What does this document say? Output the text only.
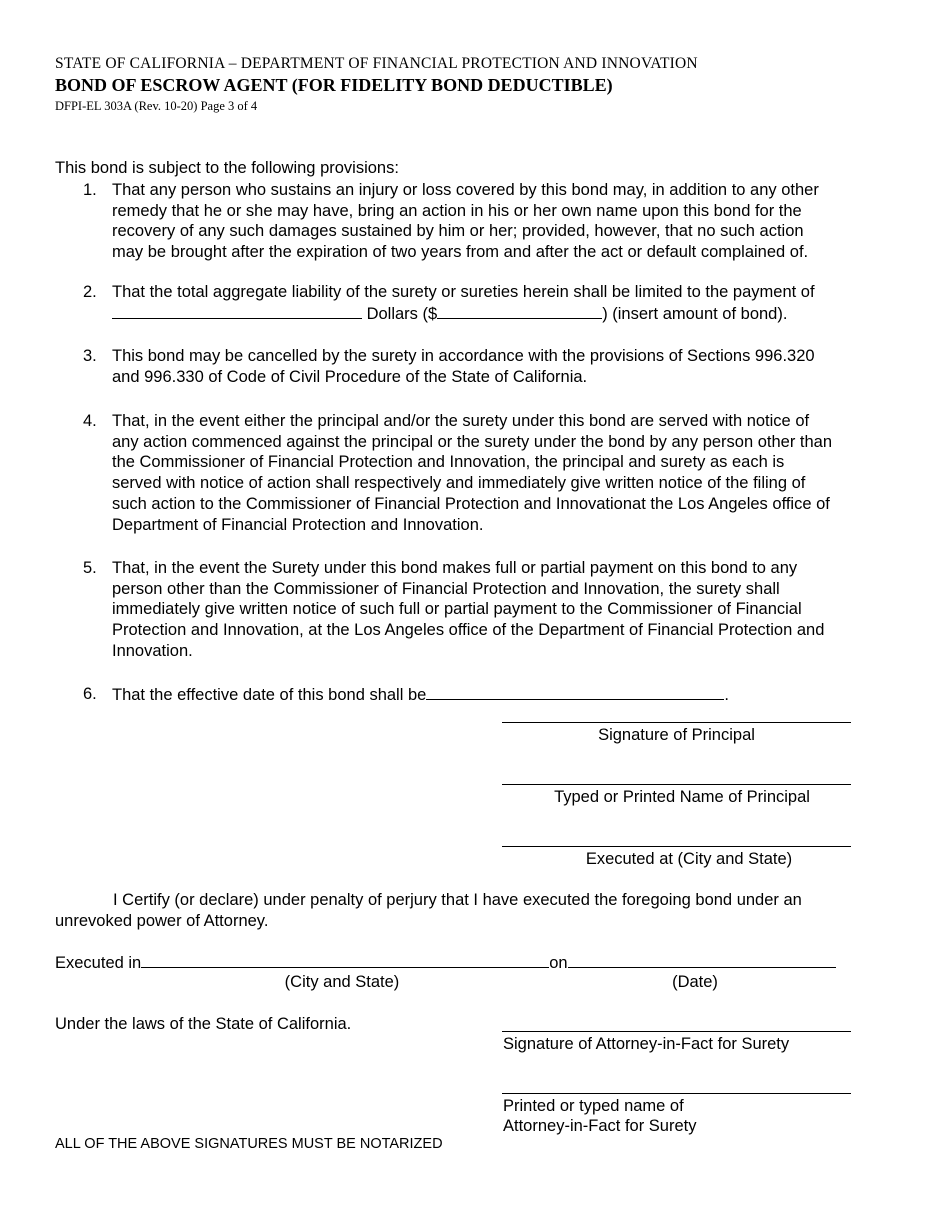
STATE OF CALIFORNIA – DEPARTMENT OF FINANCIAL PROTECTION AND INNOVATION
BOND OF ESCROW AGENT (FOR FIDELITY BOND DEDUCTIBLE)
DFPI-EL 303A (Rev. 10-20) Page 3 of 4
This bond is subject to the following provisions:
1. That any person who sustains an injury or loss covered by this bond may, in addition to any other
remedy that he or she may have, bring an action in his or her own name upon this bond for the
recovery of any such damages sustained by him or her; provided, however, that no such action
may be brought after the expiration of two years from and after the act or default complained of.
2. That the total aggregate liability of the surety or sureties herein shall be limited to the payment of
Dollars ($	) (insert amount of bond).
3. This bond may be cancelled by the surety in accordance with the provisions of Sections 996.320
and 996.330 of Code of Civil Procedure of the State of California.
4. That, in the event either the principal and/or the surety under this bond are served with notice of
any action commenced against the principal or the surety under the bond by any person other than
the Commissioner of Financial Protection and Innovation, the principal and surety as each is
served with notice of action shall respectively and immediately give written notice of the filing of
such action to the Commissioner of Financial Protection and Innovationat the Los Angeles office of
Department of Financial Protection and Innovation.
5. That, in the event the Surety under this bond makes full or partial payment on this bond to any
person other than the Commissioner of Financial Protection and Innovation, the surety shall
immediately give written notice of such full or partial payment to the Commissioner of Financial
Protection and Innovation, at the Los Angeles office of the Department of Financial Protection and
Innovation.
6. That the effective date of this bond shall be	.
Signature of Principal
Typed or Printed Name of Principal
Executed at (City and State)
I Certify (or declare) under penalty of perjury that I have executed the foregoing bond under an
unrevoked power of Attorney.
Executed in	on
(City and State)	(Date)
Under the laws of the State of California.
Signature of Attorney-in-Fact for Surety
Printed or typed name of
Attorney-in-Fact for Surety
ALL OF THE ABOVE SIGNATURES MUST BE NOTARIZED
